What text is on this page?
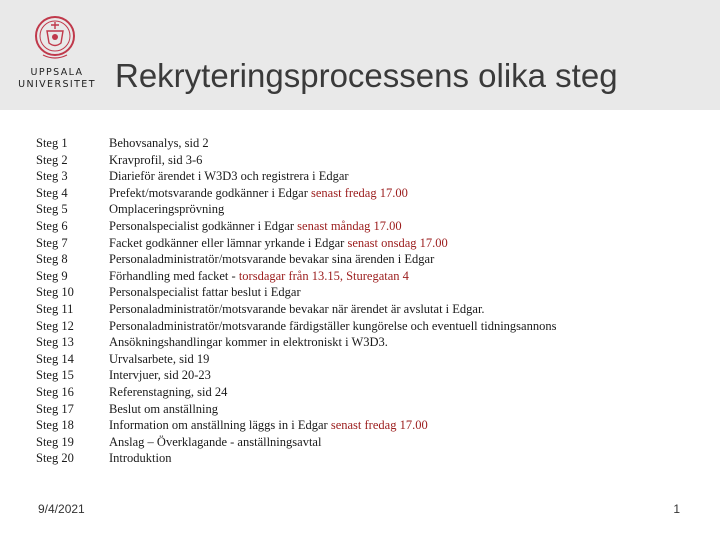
UPPSALA
UNIVERSITET Rekryteringsprocessens olika steg
Steg 1	Behovsanalys, sid 2
Steg 2	Kravprofil, sid 3-6
Steg 3	Diarieför ärendet i W3D3 och registrera i Edgar
Steg 4	Prefekt/motsvarande godkänner i Edgar senast fredag 17.00
Steg 5	Omplaceringsprövning
Steg 6	Personalspecialist godkänner i Edgar senast måndag 17.00
Steg 7	Facket godkänner eller lämnar yrkande i Edgar senast onsdag 17.00
Steg 8	Personaladministratör/motsvarande bevakar sina ärenden i Edgar
Steg 9	Förhandling med facket - torsdagar från 13.15, Sturegatan 4
Steg 10	Personalspecialist fattar beslut i Edgar
Steg 11	Personaladministratör/motsvarande bevakar när ärendet är avslutat i Edgar.
Steg 12	Personaladministratör/motsvarande färdigställer kungörelse och eventuell tidningsannons
Steg 13	Ansökningshandlingar kommer in elektroniskt i W3D3.
Steg 14	Urvalsarbete, sid 19
Steg 15	Intervjuer, sid 20-23
Steg 16	Referenstagning, sid 24
Steg 17	Beslut om anställning
Steg 18	Information om anställning läggs in i Edgar senast fredag 17.00
Steg 19	Anslag – Överklagande - anställningsavtal
Steg 20	Introduktion
9/4/2021	1
